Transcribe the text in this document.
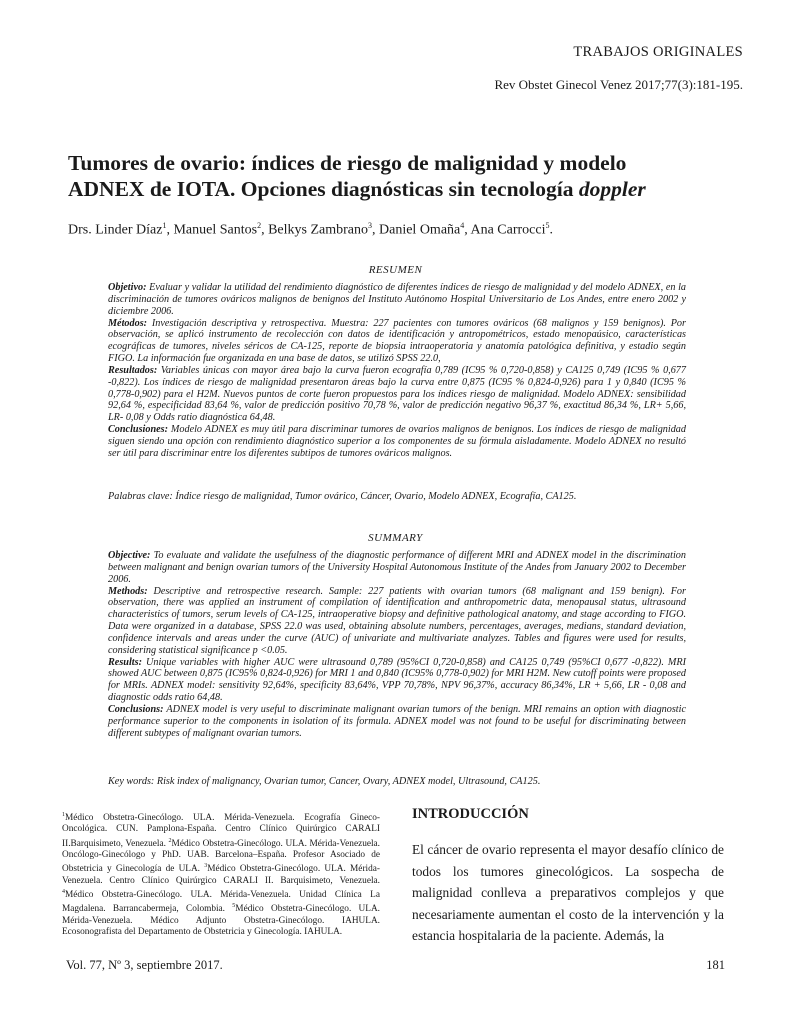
TRABAJOS ORIGINALES
Rev Obstet Ginecol Venez 2017;77(3):181-195.
Tumores de ovario: índices de riesgo de malignidad y modelo
ADNEX de IOTA. Opciones diagnósticas sin tecnología doppler
Drs. Linder Díaz$^1$, Manuel Santos$^2$, Belkys Zambrano$^3$, Daniel Omaña$^4$, Ana Carrocci$^5$.
RESUMEN
Objetivo: Evaluar y validar la utilidad del rendimiento diagnóstico de diferentes índices de riesgo de malignidad y del modelo ADNEX, en la discriminación de tumores ováricos malignos de benignos del Instituto Autónomo Hospital Universitario de Los Andes, entre enero 2002 y diciembre 2006.
Métodos: Investigación descriptiva y retrospectiva. Muestra: 227 pacientes con tumores ováricos (68 malignos y 159 benignos). Por observación, se aplicó instrumento de recolección con datos de identificación y antropométricos, estado menopaúsico, características ecográficas de tumores, niveles séricos de CA-125, reporte de biopsia intraoperatoria y anatomía patológica definitiva, y estadio según FIGO. La información fue organizada en una base de datos, se utilizó SPSS 22.0,
Resultados: Variables únicas con mayor área bajo la curva fueron ecografía 0,789 (IC95 % 0,720-0,858) y CA125 0,749 (IC95 % 0,677 -0,822). Los índices de riesgo de malignidad presentaron áreas bajo la curva entre 0,875 (IC95 % 0,824-0,926) para 1 y 0,840 (IC95 % 0,778-0,902) para el H2M. Nuevos puntos de corte fueron propuestos para los índices riesgo de malignidad. Modelo ADNEX: sensibilidad 92,64 %, especificidad 83,64 %, valor de predicción positivo 70,78 %, valor de predicción negativo 96,37 %, exactitud 86,34 %, LR+ 5,66, LR- 0,08 y Odds ratio diagnóstica 64,48.
Conclusiones: Modelo ADNEX es muy útil para discriminar tumores de ovarios malignos de benignos. Los índices de riesgo de malignidad siguen siendo una opción con rendimiento diagnóstico superior a los componentes de su fórmula aisladamente. Modelo ADNEX no resultó ser útil para discriminar entre los diferentes subtipos de tumores ováricos malignos.
Palabras clave: Índice riesgo de malignidad, Tumor ovárico, Cáncer, Ovario, Modelo ADNEX, Ecografía, CA125.
SUMMARY
Objective: To evaluate and validate the usefulness of the diagnostic performance of different MRI and ADNEX model in the discrimination between malignant and benign ovarian tumors of the University Hospital Autonomous Institute of the Andes from January 2002 to December 2006.
Methods: Descriptive and retrospective research. Sample: 227 patients with ovarian tumors (68 malignant and 159 benign). For observation, there was applied an instrument of compilation of identification and anthropometric data, menopausal status, ultrasound characteristics of tumors, serum levels of CA-125, intraoperative biopsy and definitive pathological anatomy, and stage according to FIGO. Data were organized in a database, SPSS 22.0 was used, obtaining absolute numbers, percentages, averages, medians, standard deviation, confidence intervals and areas under the curve (AUC) of univariate and multivariate analyzes. Tables and figures were used for results, considering statistical significance p <0.05.
Results: Unique variables with higher AUC were ultrasound 0,789 (95%CI 0,720-0,858) and CA125 0,749 (95%CI 0,677 -0,822). MRI showed AUC between 0,875 (IC95% 0,824-0,926) for MRI 1 and 0,840 (IC95% 0,778-0,902) for MRI H2M. New cutoff points were proposed for MRIs. ADNEX model: sensitivity 92,64%, specificity 83,64%, VPP 70,78%, NPV 96,37%, accuracy 86,34%, LR + 5,66, LR - 0,08 and diagnostic odds ratio 64,48.
Conclusions: ADNEX model is very useful to discriminate malignant ovarian tumors of the benign. MRI remains an option with diagnostic performance superior to the components in isolation of its formula. ADNEX model was not found to be useful for discriminating between different subtypes of malignant ovarian tumors.
Key words: Risk index of malignancy, Ovarian tumor, Cancer, Ovary, ADNEX model, Ultrasound, CA125.
$^1$Médico Obstetra-Ginecólogo. ULA. Mérida-Venezuela. Ecografía Gineco-Oncológica. CUN. Pamplona-España. Centro Clínico Quirúrgico CARALI II.Barquisimeto, Venezuela. $^2$Médico Obstetra-Ginecólogo. ULA. Mérida-Venezuela. Oncólogo-Ginecólogo y PhD. UAB. Barcelona–España. Profesor Asociado de Obstetricia y Ginecología de ULA. $^3$Médico Obstetra-Ginecólogo. ULA. Mérida-Venezuela. Centro Clínico Quirúrgico CARALI II. Barquisimeto, Venezuela. $^4$Médico Obstetra-Ginecólogo. ULA. Mérida-Venezuela. Unidad Clínica La Magdalena. Barrancabermeja, Colombia. $^5$Médico Obstetra-Ginecólogo. ULA. Mérida-Venezuela. Médico Adjunto Obstetra-Ginecólogo. IAHULA. Ecosonografista del Departamento de Obstetricia y Ginecología. IAHULA.
INTRODUCCIÓN
El cáncer de ovario representa el mayor desafío clínico de todos los tumores ginecológicos. La sospecha de malignidad conlleva a preparativos complejos y que necesariamente aumentan el costo de la intervención y la estancia hospitalaria de la paciente. Además, la
Vol. 77, Nº 3, septiembre 2017.	181
